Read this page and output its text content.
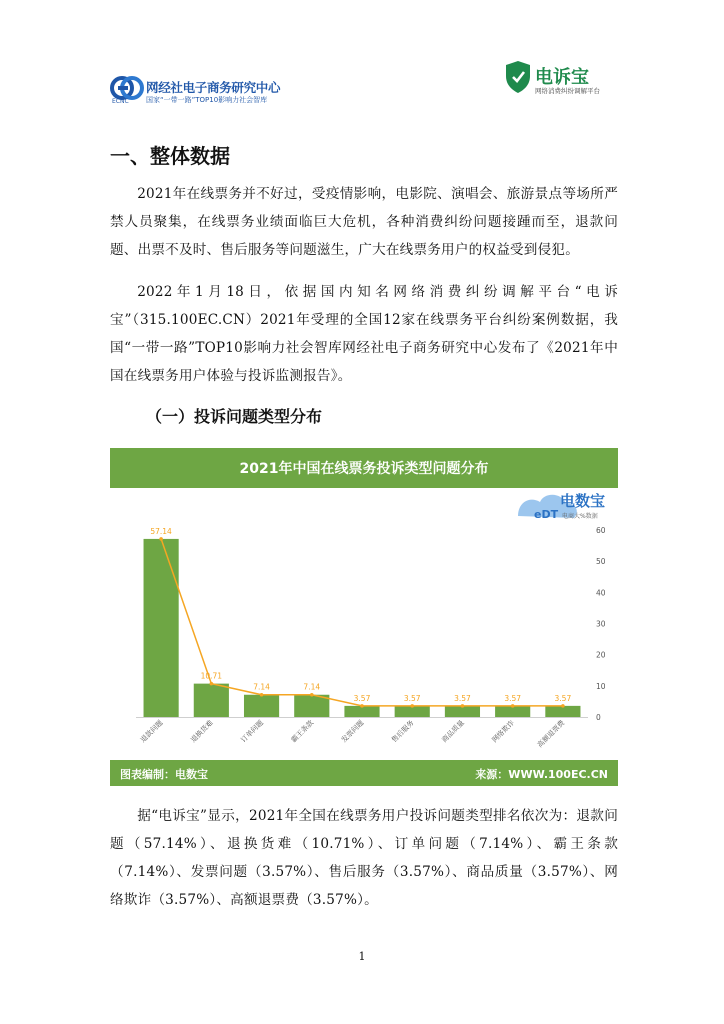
ECNC
网经社电子商务研究中心
国家“一带一路”TOP10影响力社会智库
电诉宝
网络消费纠纷调解平台
一、整体数据

2021年在线票务并不好过，受疫情影响，电影院、演唱会、旅游景点等场所严禁人员聚集，在线票务业绩面临巨大危机，各种消费纠纷问题接踵而至，退款问题、出票不及时、售后服务等问题滋生，广大在线票务用户的权益受到侵犯。

2022年1月18日，依据国内知名网络消费纠纷调解平台“电诉宝”（315.100EC.CN）2021年受理的全国12家在线票务平台纠纷案例数据，我国“一带一路”TOP10影响力社会智库网经社电子商务研究中心发布了《2021年中国在线票务用户体验与投诉监测报告》。

（一）投诉问题类型分布
2021年中国在线票务投诉类型问题分布
eDT
电数宝
电商大%数据
57.14
10.71
7.14	7.14
3.57	3.57	3.57	3.57	3.57
0
10
20
30
40
50
60
退款问题	退换货难	订单问题	霸王条款	发票问题	售后服务	商品质量	网络欺诈	高额退票费
图表编制：电数宝	来源：WWW.100EC.CN

据“电诉宝”显示，2021年全国在线票务用户投诉问题类型排名依次为：退款问题（57.14%）、退换货难（10.71%）、订单问题（7.14%）、霸王条款（7.14%）、发票问题（3.57%）、售后服务（3.57%）、商品质量（3.57%）、网络欺诈（3.57%）、高额退票费（3.57%）。

1
